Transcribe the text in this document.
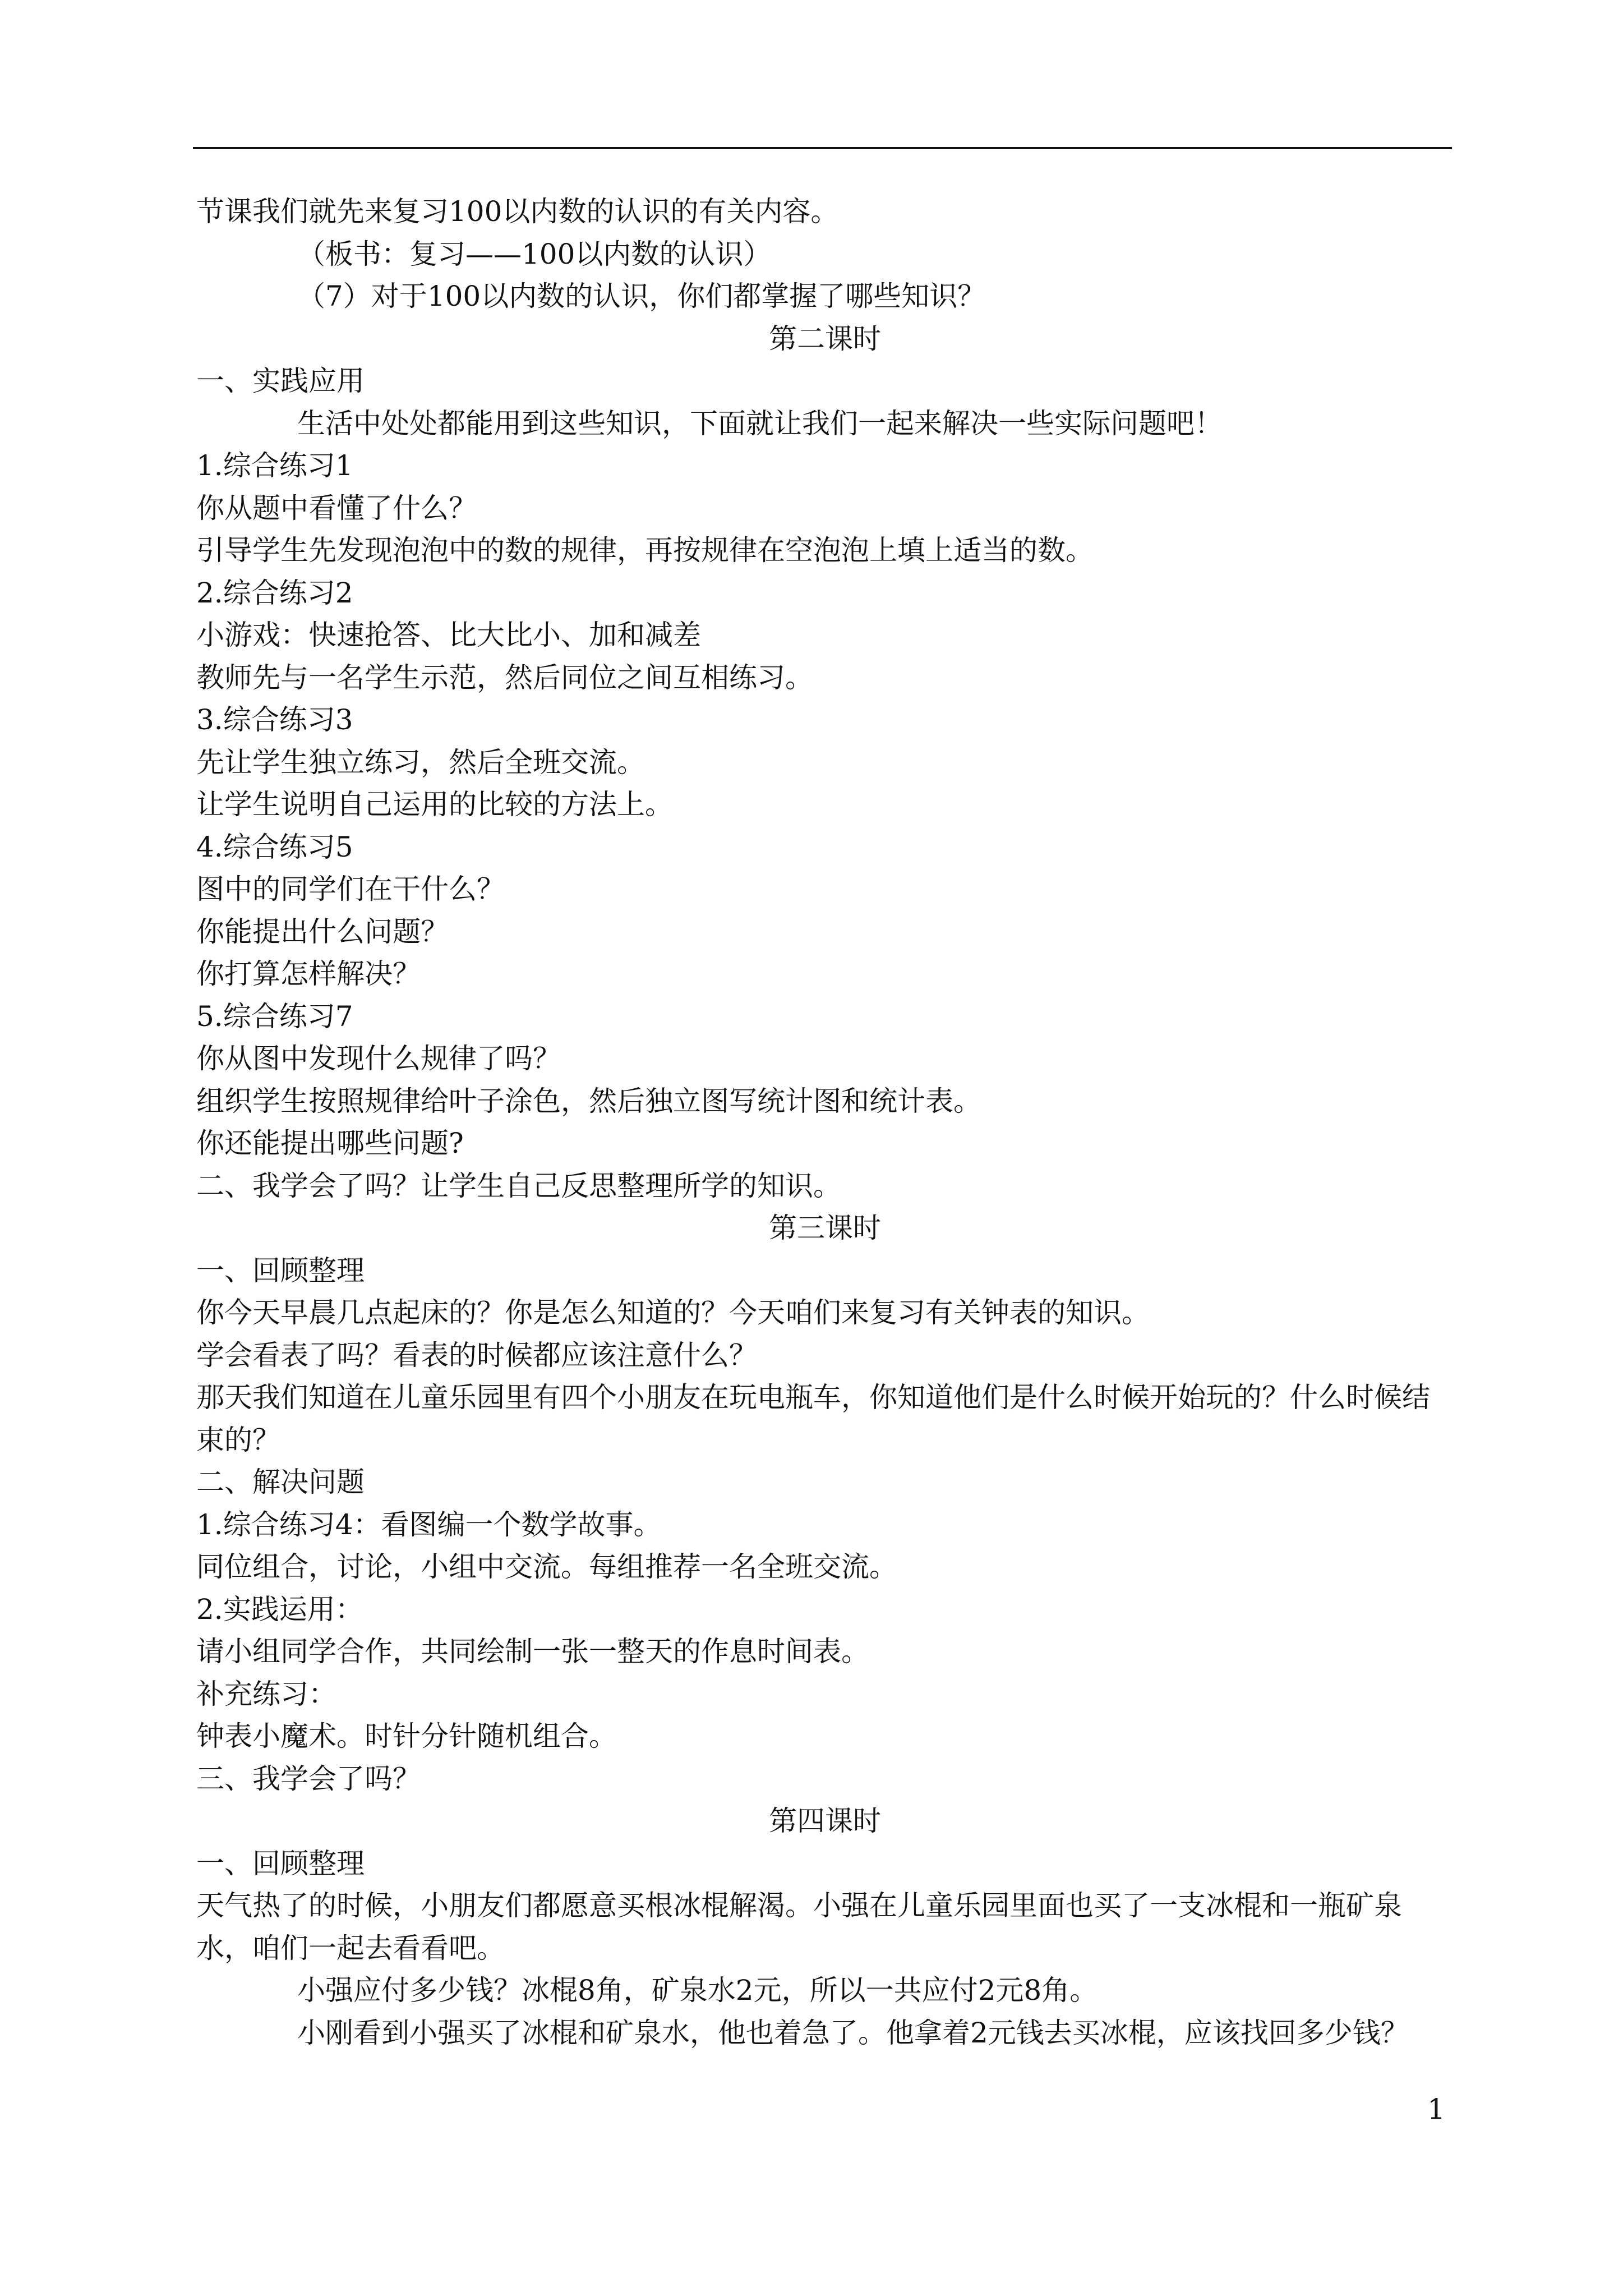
节课我们就先来复习100以内数的认识的有关内容。
（板书：复习——100以内数的认识）
（7）对于100以内数的认识，你们都掌握了哪些知识？
第二课时
一、实践应用
生活中处处都能用到这些知识，下面就让我们一起来解决一些实际问题吧！
1.综合练习1
你从题中看懂了什么？
引导学生先发现泡泡中的数的规律，再按规律在空泡泡上填上适当的数。
2.综合练习2
小游戏：快速抢答、比大比小、加和减差
教师先与一名学生示范，然后同位之间互相练习。
3.综合练习3
先让学生独立练习，然后全班交流。
让学生说明自己运用的比较的方法上。
4.综合练习5
图中的同学们在干什么？
你能提出什么问题？
你打算怎样解决？
5.综合练习7
你从图中发现什么规律了吗？
组织学生按照规律给叶子涂色，然后独立图写统计图和统计表。
你还能提出哪些问题?
二、我学会了吗？让学生自己反思整理所学的知识。
第三课时
一、回顾整理
你今天早晨几点起床的？你是怎么知道的？今天咱们来复习有关钟表的知识。
学会看表了吗？看表的时候都应该注意什么？
那天我们知道在儿童乐园里有四个小朋友在玩电瓶车，你知道他们是什么时候开始玩的？什么时候结束的？
二、解决问题
1.综合练习4：看图编一个数学故事。
同位组合，讨论，小组中交流。每组推荐一名全班交流。
2.实践运用：
请小组同学合作，共同绘制一张一整天的作息时间表。
补充练习：
钟表小魔术。时针分针随机组合。
三、我学会了吗？
第四课时
一、回顾整理
天气热了的时候，小朋友们都愿意买根冰棍解渴。小强在儿童乐园里面也买了一支冰棍和一瓶矿泉水，咱们一起去看看吧。
小强应付多少钱？冰棍8角，矿泉水2元，所以一共应付2元8角。
小刚看到小强买了冰棍和矿泉水，他也着急了。他拿着2元钱去买冰棍，应该找回多少钱？
1
